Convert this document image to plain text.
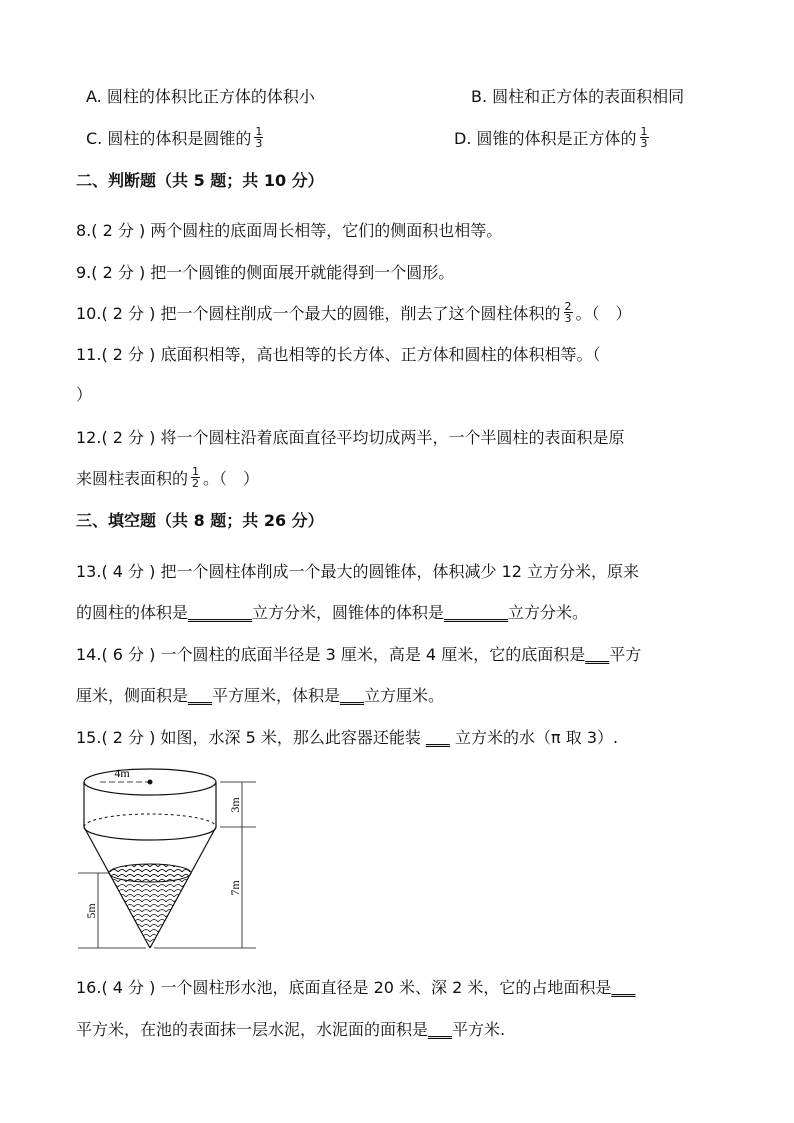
A. 圆柱的体积比正方体的体积小	B. 圆柱和正方体的表面积相同
C. 圆柱的体积是圆锥的 $\frac{1}{3}$	D. 圆锥的体积是正方体的 $\frac{1}{3}$
二、判断题（共 5 题；共 10 分）
8.( 2 分 ) 两个圆柱的底面周长相等，它们的侧面积也相等。
9.( 2 分 ) 把一个圆锥的侧面展开就能得到一个圆形。
10.( 2 分 ) 把一个圆柱削成一个最大的圆锥，削去了这个圆柱体积的 $\frac{2}{3}$ 。（　）
11.( 2 分 ) 底面积相等，高也相等的长方体、正方体和圆柱的体积相等。（
）
12.( 2 分 ) 将一个圆柱沿着底面直径平均切成两半，一个半圆柱的表面积是原
来圆柱表面积的 $\frac{1}{2}$ 。（　）
三、填空题（共 8 题；共 26 分）
13.( 4 分 ) 把一个圆柱体削成一个最大的圆锥体，体积减少 12 立方分米，原来
的圆柱的体积是________立方分米，圆锥体的体积是________立方分米。
14.( 6 分 ) 一个圆柱的底面半径是 3 厘米，高是 4 厘米，它的底面积是___平方
厘米，侧面积是___平方厘米，体积是___立方厘米。
15.( 2 分 ) 如图，水深 5 米，那么此容器还能装 ___ 立方米的水（π 取 3）.
4m
3m
7m
5m
16.( 4 分 ) 一个圆柱形水池，底面直径是 20 米、深 2 米，它的占地面积是___
平方米，在池的表面抹一层水泥，水泥面的面积是___平方米.
